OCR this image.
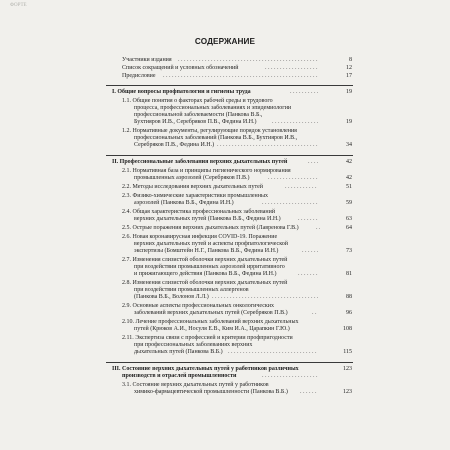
ФОРТЕ
СОДЕРЖАНИЕ
Участники издания . . .	8
Список сокращений и условных обозначений . . .	12
Предисловие . . .	17
I. Общие вопросы профпатологии и гигиены труда . . .	19
1.1. Общие понятия о факторах рабочей среды и трудового
процесса, профессиональных заболеваниях и эпидемиологии
профессиональной заболеваемости (Панкова В.Б.,
Бухтияров И.В., Серебряков П.В., Федина И.Н.) . . .	19
1.2. Нормативные документы, регулирующие порядок установления
профессиональных заболеваний (Панкова В.Б., Бухтияров И.В.,
Серебряков П.В., Федина И.Н.) . . .	34
II. Профессиональные заболевания верхних дыхательных путей . . .	42
2.1. Нормативная база и принципы гигиенического нормирования
промышленных аэрозолей (Серебряков П.В.) . . .	42
2.2. Методы исследования верхних дыхательных путей . . .	51
2.3. Физико-химические характеристики промышленных
аэрозолей (Панкова В.Б., Федина И.Н.) . . .	59
2.4. Общая характеристика профессиональных заболеваний
верхних дыхательных путей (Панкова В.Б., Федина И.Н.) . . .	63
2.5. Острые поражения верхних дыхательных путей (Лавренова Г.В.) . . .	64
2.6. Новая коронавирусная инфекция COVID-19. Поражение
верхних дыхательных путей и аспекты профпатологической
экспертизы (Бомштейн Н.Г., Панкова В.Б., Федина И.Н.) . . .	73
2.7. Изменения слизистой оболочки верхних дыхательных путей
при воздействии промышленных аэрозолей ирритативного
и прижигающего действия (Панкова В.Б., Федина И.Н.) . . .	81
2.8. Изменения слизистой оболочки верхних дыхательных путей
при воздействии промышленных аллергенов
(Панкова В.Б., Волонов Л.Л.) . . .	88
2.9. Основные аспекты профессиональных онкологических
заболеваний верхних дыхательных путей (Серебряков П.В.) . . .	96
2.10. Лечение профессиональных заболеваний верхних дыхательных
путей (Крюков А.И., Носуля Е.В., Ким И.А., Царапкин Г.Ю.)	108
2.11. Экспертиза связи с профессией и критерии профпригодности
при профессиональных заболеваниях верхних
дыхательных путей (Панкова В.Б.) . . .	115
III. Состояние верхних дыхательных путей у работников различных	123
производств и отраслей промышленности
. . .
3.1. Состояние верхних дыхательных путей у работников
химико-фармацевтической промышленности (Панкова В.Б.) . . .	123
